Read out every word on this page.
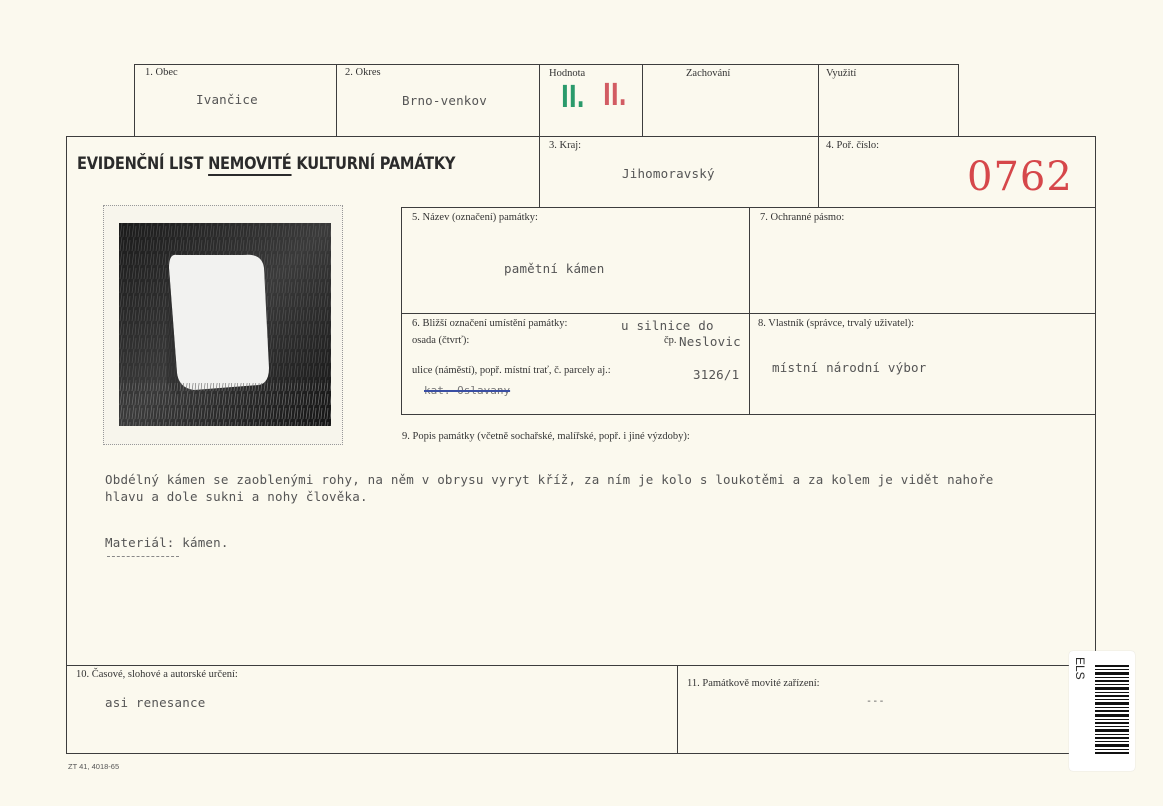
1. Obec
Ivančice
2. Okres
Brno-venkov
Hodnota
II. II.
Zachování	Využití
EVIDENČNÍ LIST NEMOVITÉ KULTURNÍ PAMÁTKY
3. Kraj:
Jihomoravský
4. Poř. číslo:
0762
5. Název (označení) památky:
pamětní kámen
7. Ochranné pásmo:
6. Bližší označení umístění památky:	u silnice do
osada (čtvrť):	čp. Neslovic
ulice (náměstí), popř. místní trať, č. parcely aj.:	3126/1
kat. Oslavany
8. Vlastník (správce, trvalý uživatel):
místní národní výbor
9. Popis památky (včetně sochařské, malířské, popř. i jiné výzdoby):
Obdélný kámen se zaoblenými rohy, na něm v obrysu vyryt kříž, za ním je kolo s loukotěmi a za kolem je vidět nahoře
hlavu a dole sukni a nohy člověka.
Materiál: kámen.
10. Časové, slohové a autorské určení:
asi renesance
11. Památkově movité zařízení:
---
ZT 41, 4018-65
ELS
